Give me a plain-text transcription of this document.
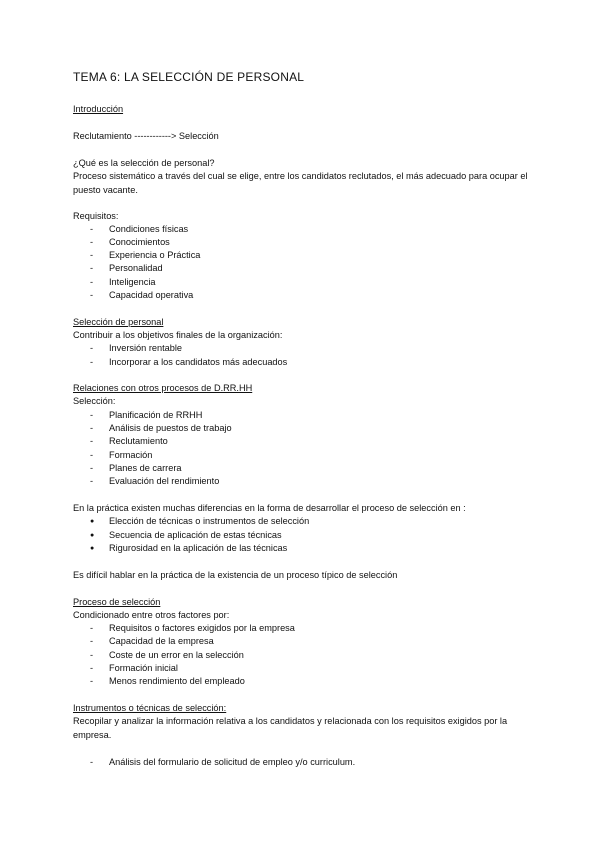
TEMA 6: LA SELECCIÓN DE PERSONAL
Introducción
Reclutamiento ------------> Selección
¿Qué es la selección de personal?
Proceso sistemático a través del cual se elige, entre los candidatos reclutados, el más adecuado para ocupar el puesto vacante.
Requisitos:
-	Condiciones físicas
-	Conocimientos
-	Experiencia o Práctica
-	Personalidad
-	Inteligencia
-	Capacidad operativa
Selección de personal
Contribuir a los objetivos finales de la organización:
-	Inversión rentable
-	Incorporar a los candidatos más adecuados
Relaciones con otros procesos de D.RR.HH
Selección:
-	Planificación de RRHH
-	Análisis de puestos de trabajo
-	Reclutamiento
-	Formación
-	Planes de carrera
-	Evaluación del rendimiento
En la práctica existen muchas diferencias en la forma de desarrollar el proceso de selección en :
●	Elección de técnicas o instrumentos de selección
●	Secuencia de aplicación de estas técnicas
●	Rigurosidad en la aplicación de las técnicas
Es difícil hablar en la práctica de la existencia de un proceso típico de selección
Proceso de selección
Condicionado entre otros factores por:
-	Requisitos o factores exigidos por la empresa
-	Capacidad de la empresa
-	Coste de un error en la selección
-	Formación inicial
-	Menos rendimiento del empleado
Instrumentos o técnicas de selección:
Recopilar y analizar la información relativa a los candidatos y relacionada con los requisitos exigidos por la empresa.
-	Análisis del formulario de solicitud de empleo y/o curriculum.
